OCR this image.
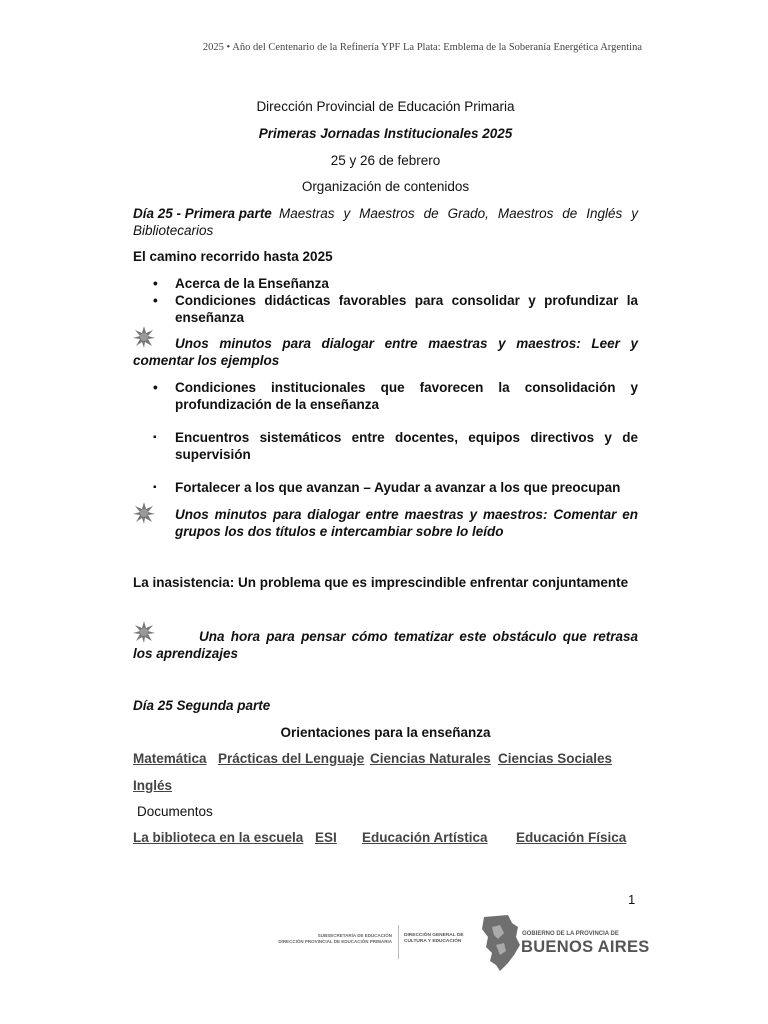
2025 • Año del Centenario de la Refinería YPF La Plata: Emblema de la Soberanía Energética Argentina
Dirección Provincial de Educación Primaria
Primeras Jornadas Institucionales 2025
25 y 26 de febrero
Organización de contenidos
Día 25 - Primera parte Maestras y Maestros de Grado, Maestros de Inglés y
Bibliotecarios
El camino recorrido hasta 2025
• Acerca de la Enseñanza
• Condiciones didácticas favorables para consolidar y profundizar la enseñanza
Unos minutos para dialogar entre maestras y maestros: Leer y comentar los ejemplos
• Condiciones institucionales que favorecen la consolidación y profundización de la enseñanza
▪ Encuentros sistemáticos entre docentes, equipos directivos y de supervisión
▪ Fortalecer a los que avanzan – Ayudar a avanzar a los que preocupan
Unos minutos para dialogar entre maestras y maestros: Comentar en grupos los dos títulos e intercambiar sobre lo leído
La inasistencia: Un problema que es imprescindible enfrentar conjuntamente
Una hora para pensar cómo tematizar este obstáculo que retrasa los aprendizajes
Día 25 Segunda parte
Orientaciones para la enseñanza
Matemática Prácticas del Lenguaje Ciencias Naturales Ciencias Sociales
Inglés
Documentos
La biblioteca en la escuela ESI Educación Artística Educación Física
1
SUBSECRETARÍA DE EDUCACIÓN
DIRECCIÓN PROVINCIAL DE EDUCACIÓN PRIMARIA
DIRECCIÓN GENERAL DE
CULTURA Y EDUCACIÓN
GOBIERNO DE LA PROVINCIA DE
BUENOS AIRES
